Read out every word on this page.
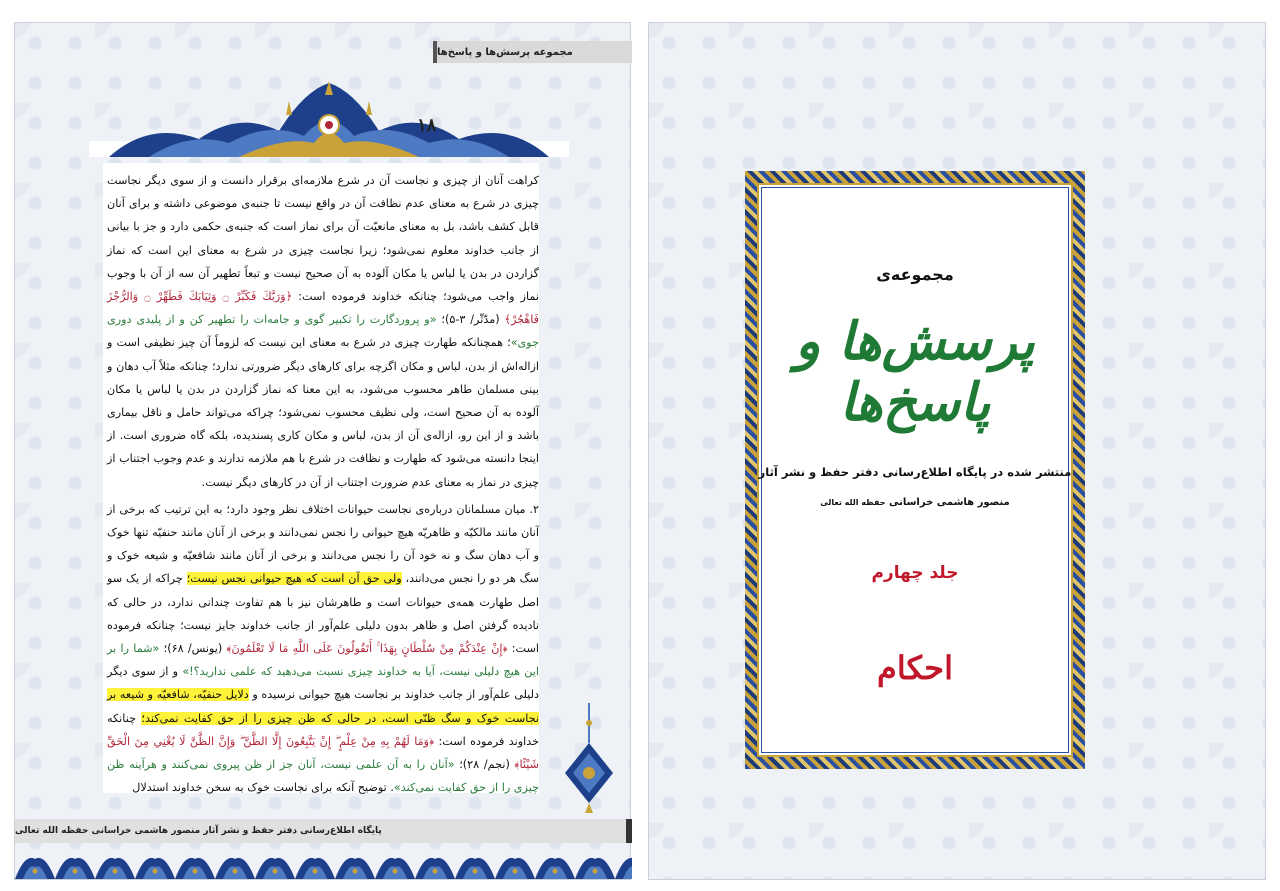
مجموعه پرسش‌ها و پاسخ‌ها
۱۸

کراهت آنان از چیزی و نجاست آن در شرع ملازمه‌ای برقرار دانست و از سوی دیگر نجاست چیزی در شرع به معنای عدم نظافت آن در واقع نیست تا جنبه‌ی موضوعی داشته و برای آنان قابل کشف باشد، بل به معنای مانعیّت آن برای نماز است که جنبه‌ی حکمی دارد و جز با بیانی از جانب خداوند معلوم نمی‌شود؛ زیرا نجاست چیزی در شرع به معنای این است که نماز گزاردن در بدن یا لباس یا مکان آلوده به آن صحیح نیست و تبعاً تطهیر آن سه از آن با وجوب نماز واجب می‌شود؛ چنانکه خداوند فرموده است: ﴿وَرَبَّكَ فَكَبِّرْ ۝ وَثِيَابَكَ فَطَهِّرْ ۝ وَالرُّجْزَ فَاهْجُرْ﴾ (مدّثّر/ ۳-۵)؛ «و پروردگارت را تکبیر گوی و جامه‌ات را تطهیر کن و از پلیدی دوری جوی»؛ همچنانکه طهارت چیزی در شرع به معنای این نیست که لزوماً آن چیز نظیفی است و ازاله‌اش از بدن، لباس و مکان اگرچه برای کارهای دیگر ضرورتی ندارد؛ چنانکه مثلاً آب دهان و بینی مسلمان طاهر محسوب می‌شود، به این معنا که نماز گزاردن در بدن یا لباس یا مکان آلوده به آن صحیح است، ولی نظیف محسوب نمی‌شود؛ چراکه می‌تواند حامل و ناقل بیماری باشد و از این رو، ازاله‌ی آن از بدن، لباس و مکان کاری پسندیده، بلکه گاه ضروری است. از اینجا دانسته می‌شود که طهارت و نظافت در شرع با هم ملازمه ندارند و عدم وجوب اجتناب از چیزی در نماز به معنای عدم ضرورت اجتناب از آن در کارهای دیگر نیست.

۲. میان مسلمانان درباره‌ی نجاست حیوانات اختلاف نظر وجود دارد؛ به این ترتیب که برخی از آنان مانند مالکیّه و ظاهریّه هیچ حیوانی را نجس نمی‌دانند و برخی از آنان مانند حنفیّه تنها خوک و آب دهان سگ و نه خود آن را نجس می‌دانند و برخی از آنان مانند شافعیّه و شیعه خوک و سگ هر دو را نجس می‌دانند، ولی حق آن است که هیچ حیوانی نجس نیست؛ چراکه از یک سو اصل طهارت همه‌ی حیوانات است و طاهرشان نیز با هم تفاوت چندانی ندارد، در حالی که نادیده گرفتن اصل و ظاهر بدون دلیلی علم‌آور از جانب خداوند جایز نیست؛ چنانکه فرموده است: ﴿إِنْ عِنْدَكُمْ مِنْ سُلْطَانٍ بِهَذَا ۚ أَتَقُولُونَ عَلَى اللَّهِ مَا لَا تَعْلَمُونَ﴾ (یونس/ ۶۸)؛ «شما را بر این هیچ دلیلی نیست، آیا به خداوند چیزی نسبت می‌دهید که علمی ندارید؟!» و از سوی دیگر دلیلی علم‌آور از جانب خداوند بر نجاست هیچ حیوانی نرسیده و دلایل حنفیّه، شافعیّه و شیعه بر نجاست خوک و سگ ظنّی است، در حالی که ظن چیزی را از حق کفایت نمی‌کند؛ چنانکه خداوند فرموده است: ﴿وَمَا لَهُمْ بِهِ مِنْ عِلْمٍ ۖ إِنْ يَتَّبِعُونَ إِلَّا الظَّنَّ ۖ وَإِنَّ الظَّنَّ لَا يُغْنِي مِنَ الْحَقِّ شَيْئًا﴾ (نجم/ ۲۸)؛ «آنان را به آن علمی نیست، آنان جز از ظن پیروی نمی‌کنند و هرآینه ظن چیزی را از حق کفایت نمی‌کند». توضیح آنکه برای نجاست خوک به سخن خداوند استدلال

پایگاه اطلاع‌رسانی دفتر حفظ و نشر آثار منصور هاشمی خراسانی حفظه الله تعالی
مجموعه‌ی
پرسش‌ها و پاسخ‌ها
منتشر شده در پایگاه اطلاع‌رسانی دفتر حفظ و نشر آثار
منصور هاشمی خراسانی حفظه الله تعالی
جلد چهارم
احکام
